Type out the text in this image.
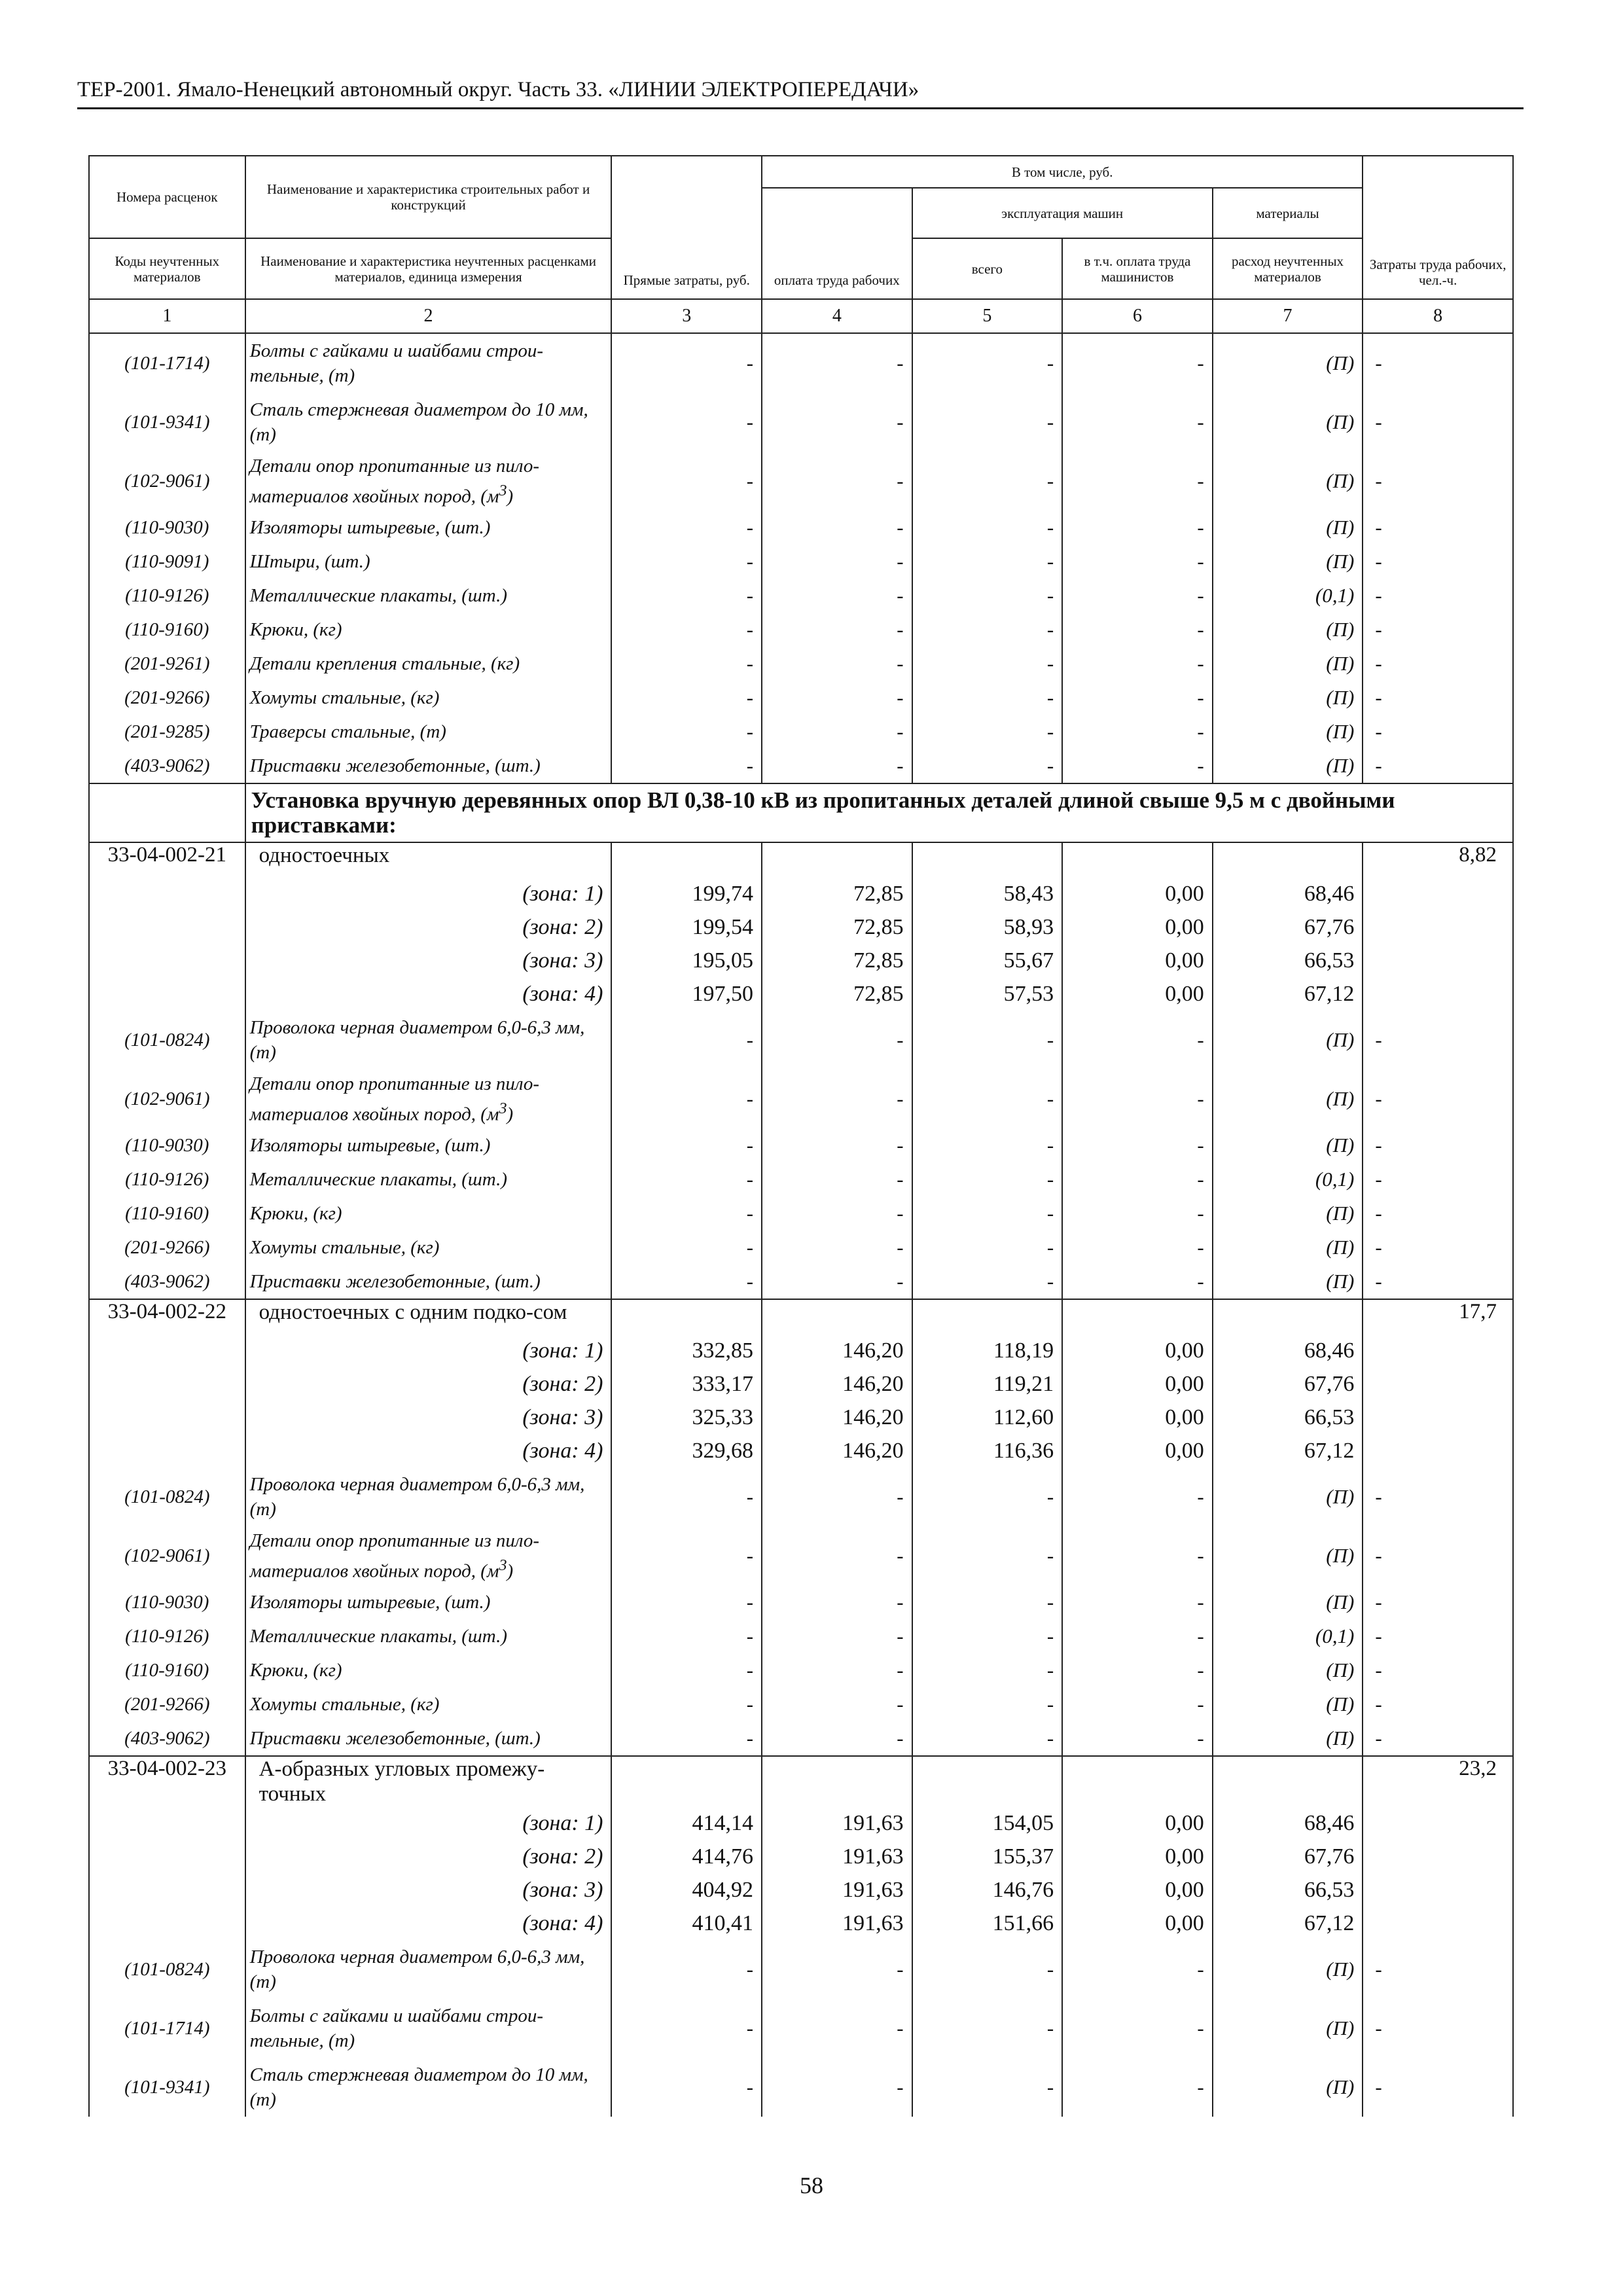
ТЕР-2001. Ямало-Ненецкий автономный округ. Часть 33. «ЛИНИИ ЭЛЕКТРОПЕРЕДАЧИ»
Номера расценок	Наименование и характеристика строительных работ и конструкций	Прямые затраты, руб.	В том числе, руб.				Затраты труда рабочих, чел.-ч.
			оплата труда рабочих	эксплуатация машин		материалы	
Коды неучтенных материалов	Наименование и характеристика неучтенных расценками материалов, единица измерения			всего	в т.ч. оплата труда машинистов	расход неучтенных материалов	
1	2	3	4	5	6	7	8
(101-1714)	Болты с гайками и шайбами строи-тельные, (т)	-	-	-	-	(П)	-
(101-9341)	Сталь стержневая диаметром до 10 мм, (т)	-	-	-	-	(П)	-
(102-9061)	Детали опор пропитанные из пило-материалов хвойных пород, $(м^3)$	-	-	-	-	(П)	-
(110-9030)	Изоляторы штыревые, (шт.)	-	-	-	-	(П)	-
(110-9091)	Штыри, (шт.)	-	-	-	-	(П)	-
(110-9126)	Металлические плакаты, (шт.)	-	-	-	-	(0,1)	-
(110-9160)	Крюки, (кг)	-	-	-	-	(П)	-
(201-9261)	Детали крепления стальные, (кг)	-	-	-	-	(П)	-
(201-9266)	Хомуты стальные, (кг)	-	-	-	-	(П)	-
(201-9285)	Траверсы стальные, (т)	-	-	-	-	(П)	-
(403-9062)	Приставки железобетонные, (шт.)	-	-	-	-	(П)	-
	Установка вручную деревянных опор ВЛ 0,38-10 кВ из пропитанных деталей длиной свыше 9,5 м с двойными приставками:						
33-04-002-21	одностоечных						8,82
	(зона: 1)	199,74	72,85	58,43	0,00	68,46	
	(зона: 2)	199,54	72,85	58,93	0,00	67,76	
	(зона: 3)	195,05	72,85	55,67	0,00	66,53	
	(зона: 4)	197,50	72,85	57,53	0,00	67,12	
(101-0824)	Проволока черная диаметром 6,0-6,3 мм, (т)	-	-	-	-	(П)	-
(102-9061)	Детали опор пропитанные из пило-материалов хвойных пород, $(м^3)$	-	-	-	-	(П)	-
(110-9030)	Изоляторы штыревые, (шт.)	-	-	-	-	(П)	-
(110-9126)	Металлические плакаты, (шт.)	-	-	-	-	(0,1)	-
(110-9160)	Крюки, (кг)	-	-	-	-	(П)	-
(201-9266)	Хомуты стальные, (кг)	-	-	-	-	(П)	-
(403-9062)	Приставки железобетонные, (шт.)	-	-	-	-	(П)	-
33-04-002-22	одностоечных с одним подко-сом						17,7
	(зона: 1)	332,85	146,20	118,19	0,00	68,46	
	(зона: 2)	333,17	146,20	119,21	0,00	67,76	
	(зона: 3)	325,33	146,20	112,60	0,00	66,53	
	(зона: 4)	329,68	146,20	116,36	0,00	67,12	
(101-0824)	Проволока черная диаметром 6,0-6,3 мм, (т)	-	-	-	-	(П)	-
(102-9061)	Детали опор пропитанные из пило-материалов хвойных пород, $(м^3)$	-	-	-	-	(П)	-
(110-9030)	Изоляторы штыревые, (шт.)	-	-	-	-	(П)	-
(110-9126)	Металлические плакаты, (шт.)	-	-	-	-	(0,1)	-
(110-9160)	Крюки, (кг)	-	-	-	-	(П)	-
(201-9266)	Хомуты стальные, (кг)	-	-	-	-	(П)	-
(403-9062)	Приставки железобетонные, (шт.)	-	-	-	-	(П)	-
33-04-002-23	А-образных угловых промежу-точных						23,2
	(зона: 1)	414,14	191,63	154,05	0,00	68,46	
	(зона: 2)	414,76	191,63	155,37	0,00	67,76	
	(зона: 3)	404,92	191,63	146,76	0,00	66,53	
	(зона: 4)	410,41	191,63	151,66	0,00	67,12	
(101-0824)	Проволока черная диаметром 6,0-6,3 мм, (т)	-	-	-	-	(П)	-
(101-1714)	Болты с гайками и шайбами строи-тельные, (т)	-	-	-	-	(П)	-
(101-9341)	Сталь стержневая диаметром до 10 мм, (т)	-	-	-	-	(П)	-
58
